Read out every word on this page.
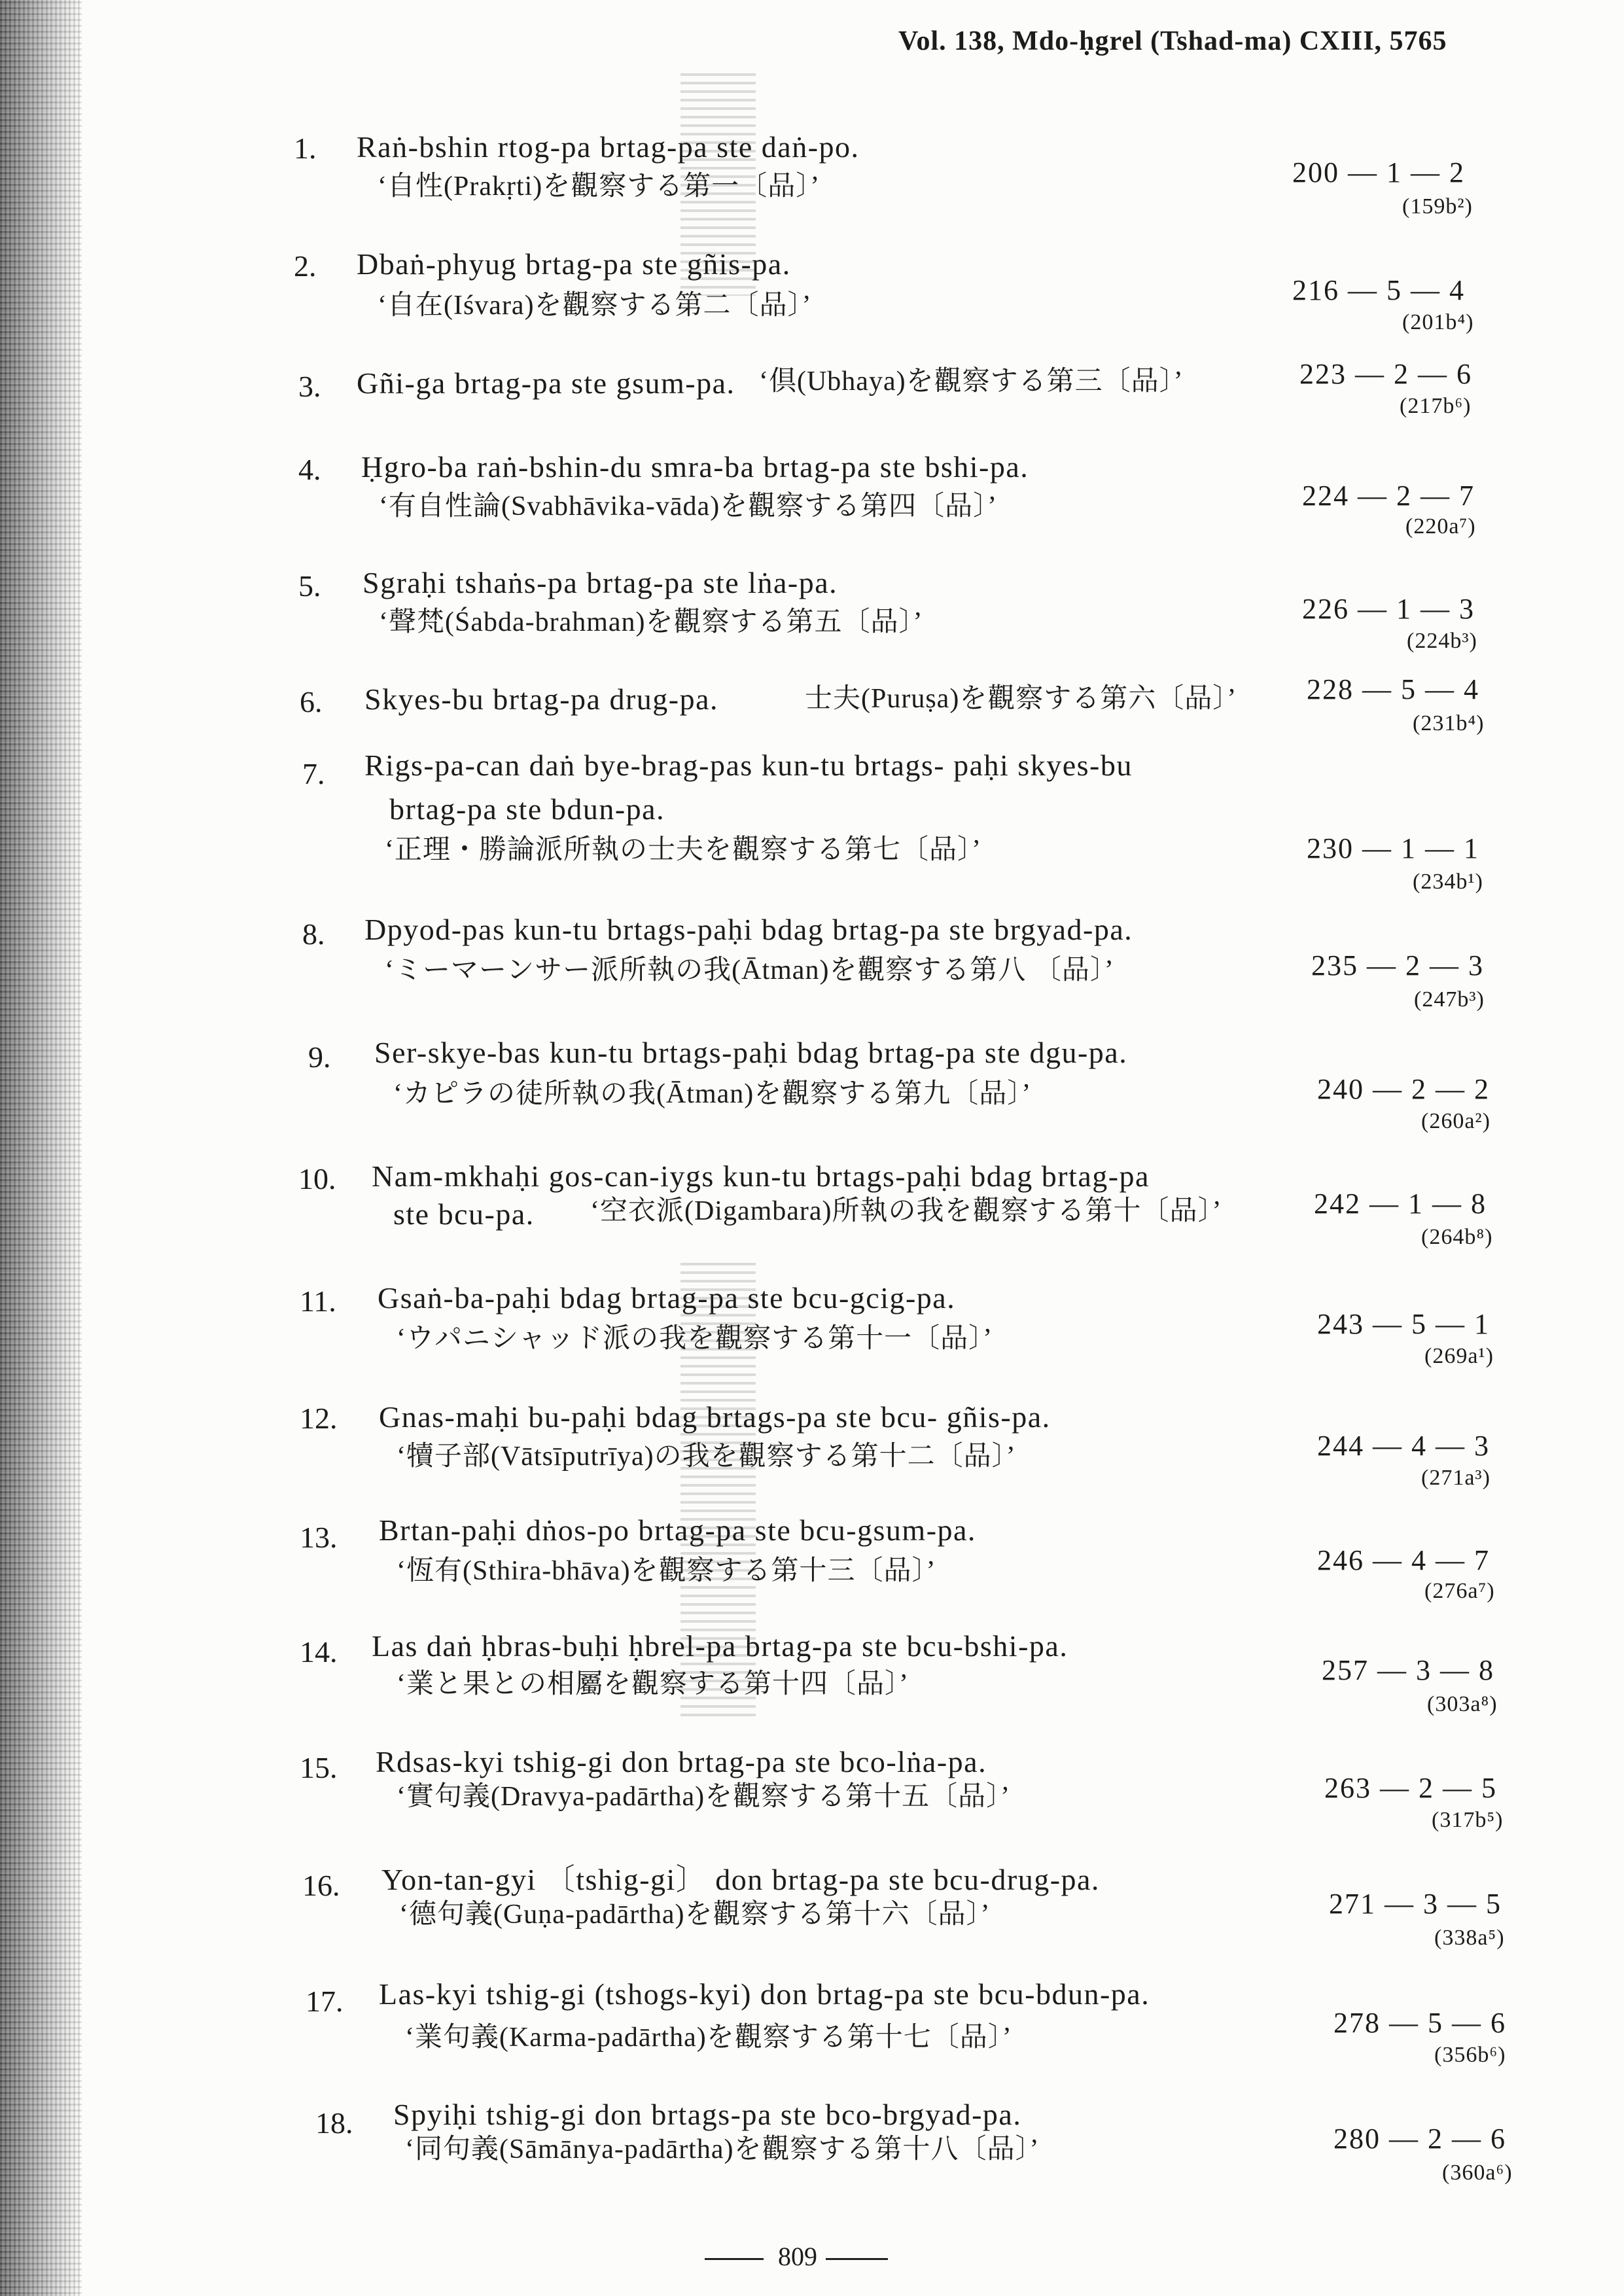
Vol. 138, Mdo-ḥgrel (Tshad-ma) CXIII, 5765
1. Raṅ-bshin rtog-pa brtag-pa ste daṅ-po.
‘自性(Prakṛti)を觀察する第一〔品〕’	200 — 1 — 2
(159b²)
2. Dbaṅ-phyug brtag-pa ste gñis-pa.
‘自在(Iśvara)を觀察する第二〔品〕’	216 — 5 — 4
(201b⁴)
3. Gñi-ga brtag-pa ste gsum-pa. ‘倶(Ubhaya)を觀察する第三〔品〕’	223 — 2 — 6
(217b⁶)
4. Ḥgro-ba raṅ-bshin-du smra-ba brtag-pa ste bshi-pa.
‘有自性論(Svabhāvika-vāda)を觀察する第四〔品〕’	224 — 2 — 7
(220a⁷)
5. Sgraḥi tshaṅs-pa brtag-pa ste lṅa-pa.
‘聲梵(Śabda-brahman)を觀察する第五〔品〕’	226 — 1 — 3
(224b³)
6. Skyes-bu brtag-pa drug-pa.	士夫(Puruṣa)を觀察する第六〔品〕’ 228 — 5 — 4
(231b⁴)
7. Rigs-pa-can daṅ bye-brag-pas kun-tu brtags- paḥi skyes-bu
brtag-pa ste bdun-pa.
‘正理・勝論派所執の士夫を觀察する第七〔品〕’	230 — 1 — 1
(234b¹)
8. Dpyod-pas kun-tu brtags-paḥi bdag brtag-pa ste brgyad-pa.
‘ミーマーンサー派所執の我(Ātman)を觀察する第八 〔品〕’	235 — 2 — 3
(247b³)
9. Ser-skye-bas kun-tu brtags-paḥi bdag brtag-pa ste dgu-pa.
‘カピラの徒所執の我(Ātman)を觀察する第九〔品〕’	240 — 2 — 2
(260a²)
10. Nam-mkhaḥi gos-can-iygs kun-tu brtags-paḥi bdag brtag-pa
ste bcu-pa. ‘空衣派(Digambara)所執の我を觀察する第十〔品〕’	242 — 1 — 8
(264b⁸)
11. Gsaṅ-ba-paḥi bdag brtag-pa ste bcu-gcig-pa.
‘ウパニシャッド派の我を觀察する第十一〔品〕’	243 — 5 — 1
(269a¹)
12. Gnas-maḥi bu-paḥi bdag brtags-pa ste bcu- gñis-pa.
‘犢子部(Vātsīputrīya)の我を觀察する第十二〔品〕’	244 — 4 — 3
(271a³)
13. Brtan-paḥi dṅos-po brtag-pa ste bcu-gsum-pa.
‘恆有(Sthira-bhāva)を觀察する第十三〔品〕’	246 — 4 — 7
(276a⁷)
14. Las daṅ ḥbras-buḥi ḥbrel-pa brtag-pa ste bcu-bshi-pa.
‘業と果との相屬を觀察する第十四〔品〕’	257 — 3 — 8
(303a⁸)
15. Rdsas-kyi tshig-gi don brtag-pa ste bco-lṅa-pa.
‘實句義(Dravya-padārtha)を觀察する第十五〔品〕’	263 — 2 — 5
(317b⁵)
16. Yon-tan-gyi 〔tshig-gi〕 don brtag-pa ste bcu-drug-pa.
‘德句義(Guṇa-padārtha)を觀察する第十六〔品〕’	271 — 3 — 5
(338a⁵)
17. Las-kyi tshig-gi (tshogs-kyi) don brtag-pa ste bcu-bdun-pa.
‘業句義(Karma-padārtha)を觀察する第十七〔品〕’	278 — 5 — 6
(356b⁶)
18. Spyiḥi tshig-gi don brtags-pa ste bco-brgyad-pa.
‘同句義(Sāmānya-padārtha)を觀察する第十八〔品〕’	280 — 2 — 6
(360a⁶)
809
